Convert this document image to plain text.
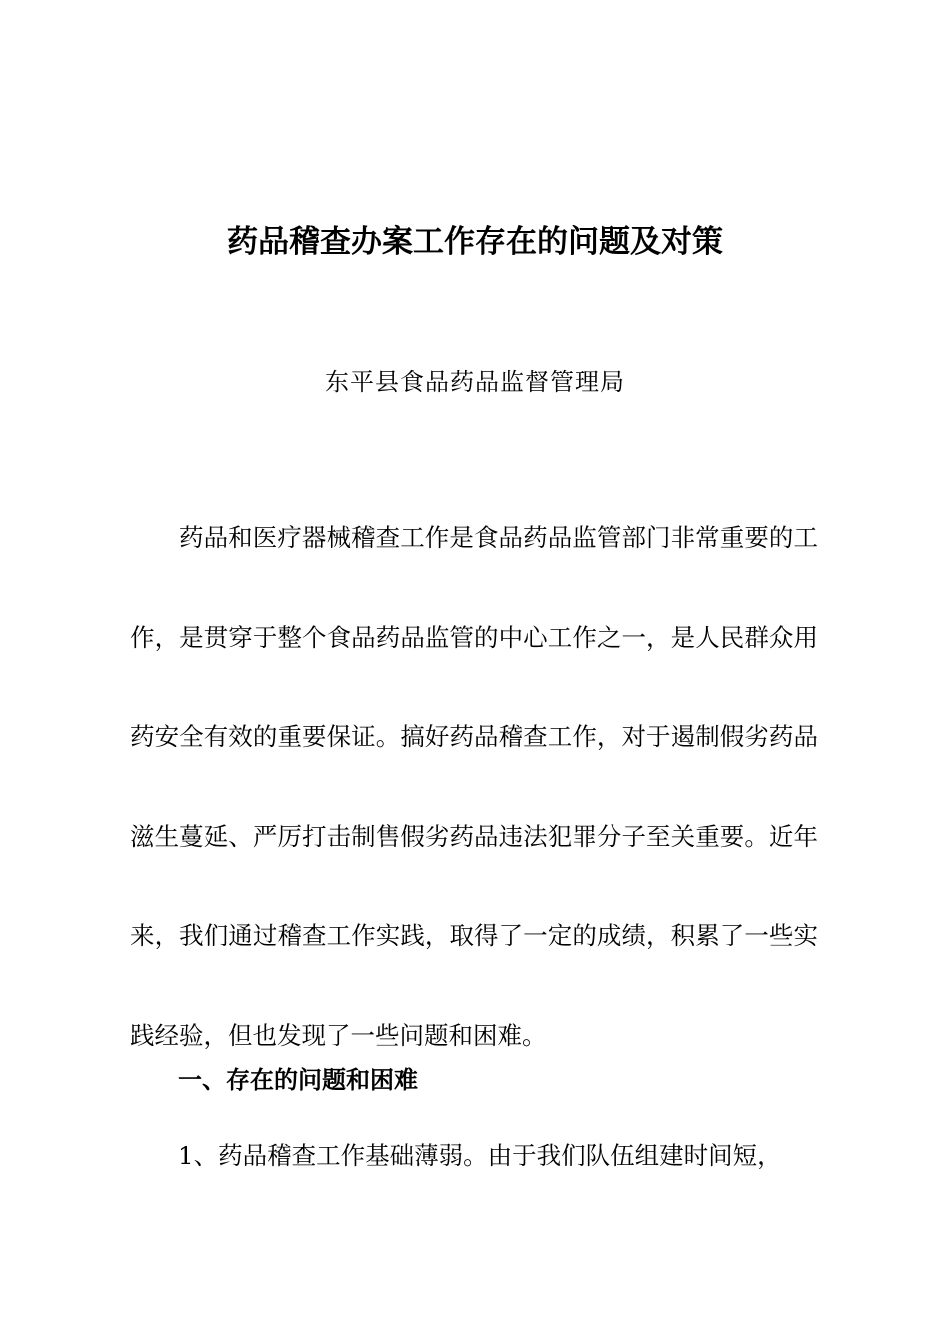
药品稽查办案工作存在的问题及对策

东平县食品药品监督管理局

药品和医疗器械稽查工作是食品药品监管部门非常重要的工作，是贯穿于整个食品药品监管的中心工作之一，是人民群众用药安全有效的重要保证。搞好药品稽查工作，对于遏制假劣药品滋生蔓延、严厉打击制售假劣药品违法犯罪分子至关重要。近年来，我们通过稽查工作实践，取得了一定的成绩，积累了一些实践经验，但也发现了一些问题和困难。

一、存在的问题和困难

1、药品稽查工作基础薄弱。由于我们队伍组建时间短，
